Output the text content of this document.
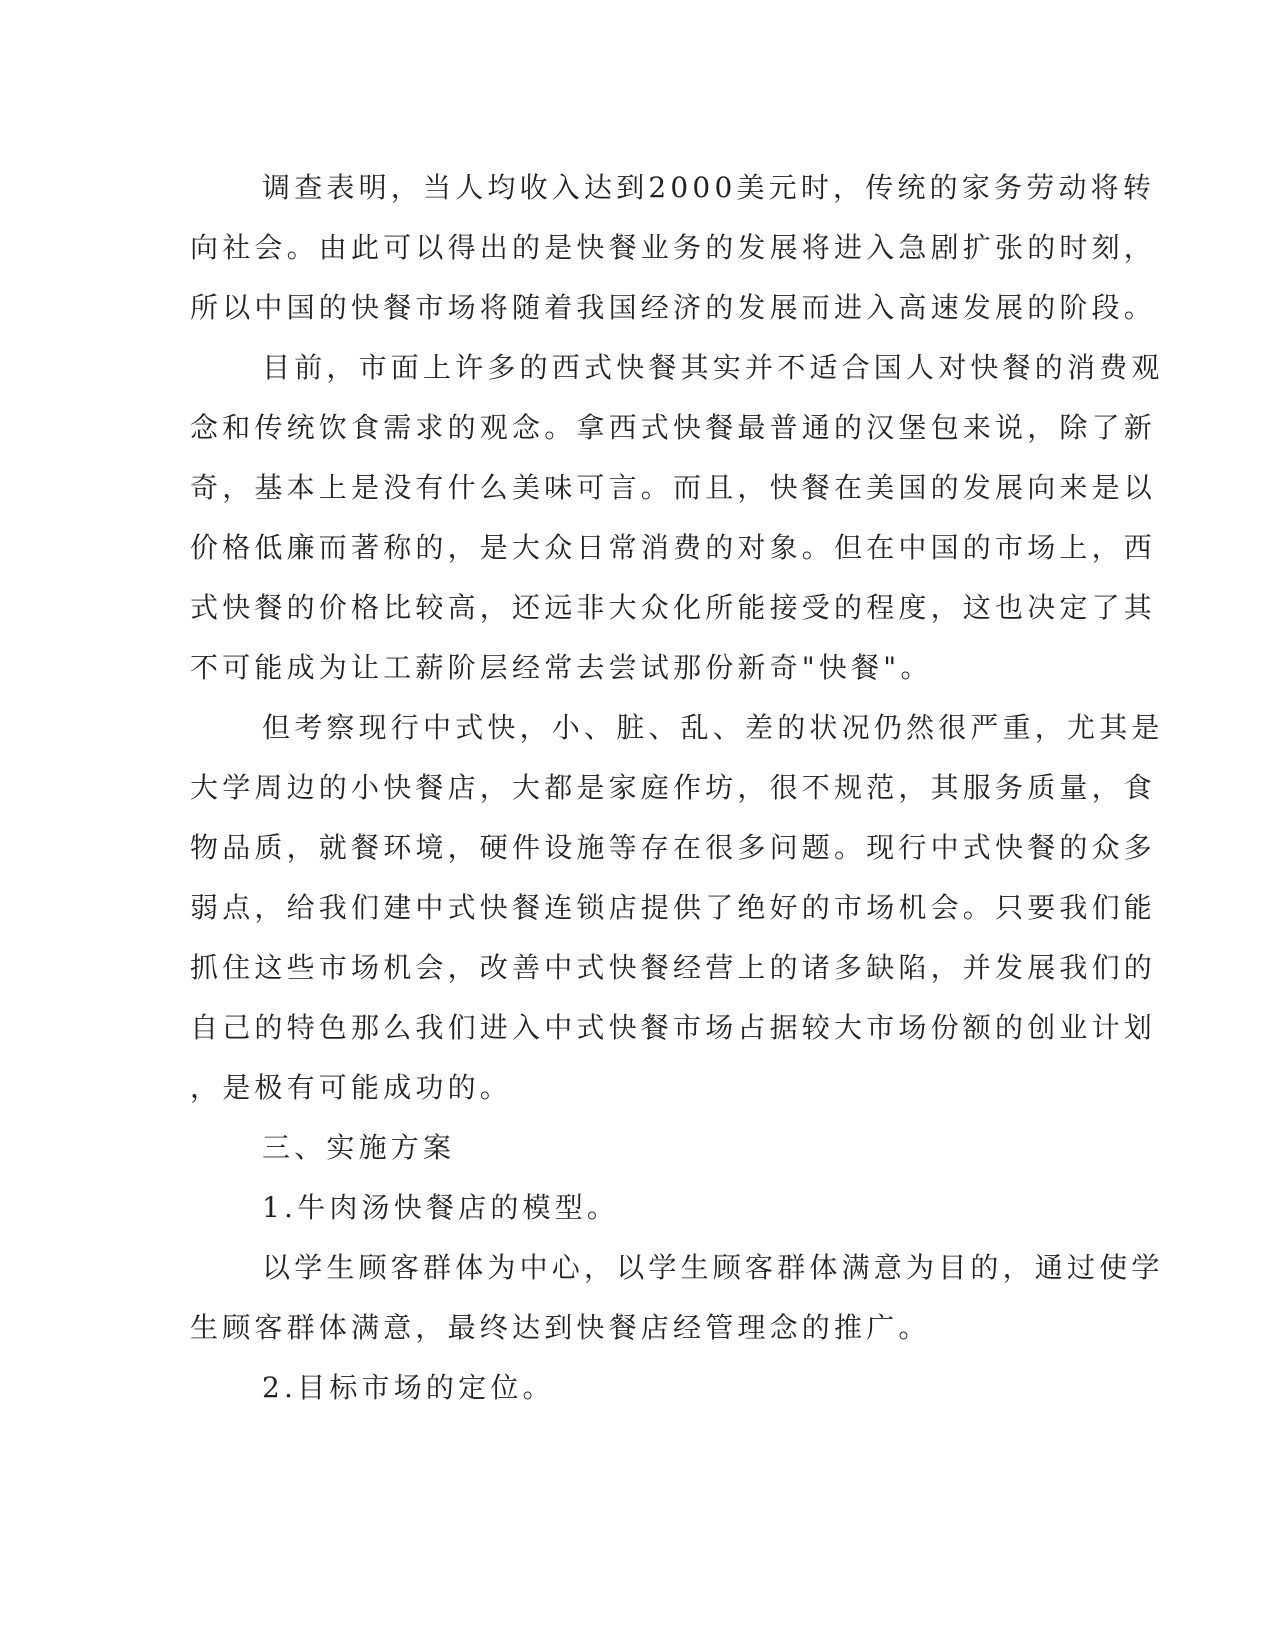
调查表明，当人均收入达到2000美元时，传统的家务劳动将转
向社会。由此可以得出的是快餐业务的发展将进入急剧扩张的时刻，
所以中国的快餐市场将随着我国经济的发展而进入高速发展的阶段。
目前，市面上许多的西式快餐其实并不适合国人对快餐的消费观
念和传统饮食需求的观念。拿西式快餐最普通的汉堡包来说，除了新
奇，基本上是没有什么美味可言。而且，快餐在美国的发展向来是以
价格低廉而著称的，是大众日常消费的对象。但在中国的市场上，西
式快餐的价格比较高，还远非大众化所能接受的程度，这也决定了其
不可能成为让工薪阶层经常去尝试那份新奇"快餐"。
但考察现行中式快，小、脏、乱、差的状况仍然很严重，尤其是
大学周边的小快餐店，大都是家庭作坊，很不规范，其服务质量，食
物品质，就餐环境，硬件设施等存在很多问题。现行中式快餐的众多
弱点，给我们建中式快餐连锁店提供了绝好的市场机会。只要我们能
抓住这些市场机会，改善中式快餐经营上的诸多缺陷，并发展我们的
自己的特色那么我们进入中式快餐市场占据较大市场份额的创业计划
，是极有可能成功的。
三、实施方案
1.牛肉汤快餐店的模型。
以学生顾客群体为中心，以学生顾客群体满意为目的，通过使学
生顾客群体满意，最终达到快餐店经管理念的推广。
2.目标市场的定位。
